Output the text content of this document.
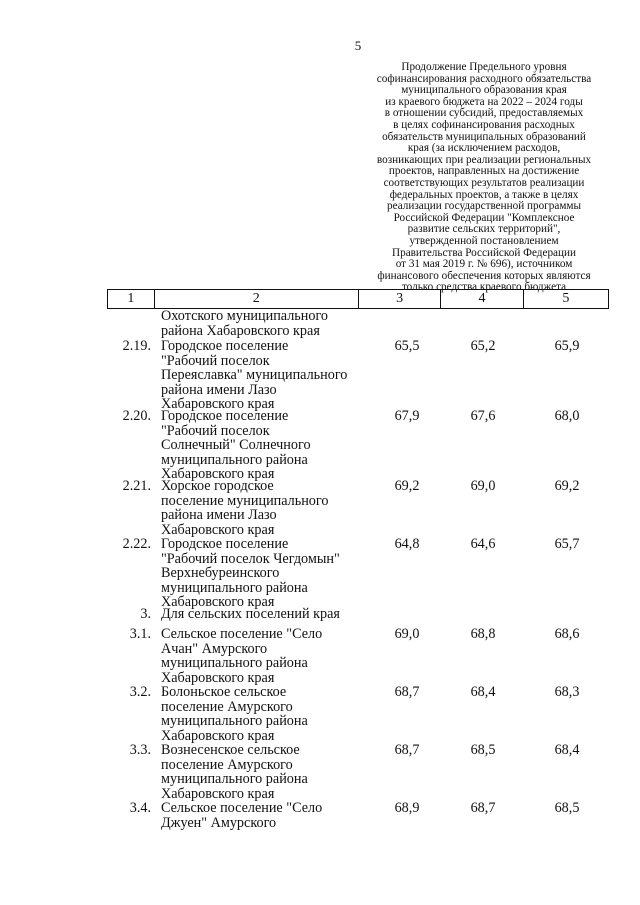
5
Продолжение Предельного уровня
софинансирования расходного обязательства
муниципального образования края
из краевого бюджета на 2022 – 2024 годы
в отношении субсидий, предоставляемых
в целях софинансирования расходных
обязательств муниципальных образований
края (за исключением расходов,
возникающих при реализации региональных
проектов, направленных на достижение
соответствующих результатов реализации
федеральных проектов, а также в целях
реализации государственной программы
Российской Федерации "Комплексное
развитие сельских территорий",
утвержденной постановлением
Правительства Российской Федерации
от 31 мая 2019 г. № 696), источником
финансового обеспечения которых являются
только средства краевого бюджета
1	2	3	4	5
Охотского муниципального
района Хабаровского края
2.19. Городское поселение
"Рабочий поселок
Переяславка" муниципального
района имени Лазо
Хабаровского края
65,5	65,2	65,9
2.20. Городское поселение
"Рабочий поселок
Солнечный" Солнечного
муниципального района
Хабаровского края
67,9	67,6	68,0
2.21. Хорское городское
поселение муниципального
района имени Лазо
Хабаровского края
69,2	69,0	69,2
2.22. Городское поселение
"Рабочий поселок Чегдомын"
Верхнебуреинского
муниципального района
Хабаровского края
64,8	64,6	65,7
3. Для сельских поселений края
3.1. Сельское поселение "Село
Ачан" Амурского
муниципального района
Хабаровского края
69,0	68,8	68,6
3.2. Болоньское сельское
поселение Амурского
муниципального района
Хабаровского края
68,7	68,4	68,3
3.3. Вознесенское сельское
поселение Амурского
муниципального района
Хабаровского края
68,7	68,5	68,4
3.4. Сельское поселение "Село
Джуен" Амурского
68,9	68,7	68,5
